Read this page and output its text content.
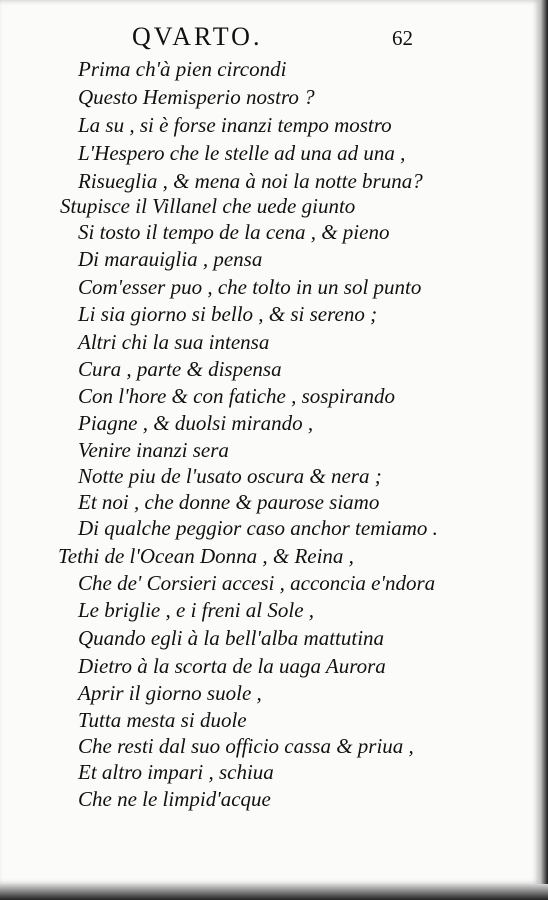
QVARTO.	62
Prima ch'à pien circondi
Questo Hemisperio nostro ?
La su , si è forse inanzi tempo mostro
L'Hespero che le stelle ad una ad una ,
Risueglia , & mena à noi la notte bruna?
Stupisce il Villanel che uede giunto
Si tosto il tempo de la cena , & pieno
Di marauiglia , pensa
Com'esser puo , che tolto in un sol punto
Li sia giorno si bello , & si sereno ;
Altri chi la sua intensa
Cura , parte & dispensa
Con l'hore & con fatiche , sospirando
Piagne , & duolsi mirando ,
Venire inanzi sera
Notte piu de l'usato oscura & nera ;
Et noi , che donne & paurose siamo
Di qualche peggior caso anchor temiamo .
Tethi de l'Ocean Donna , & Reina ,
Che de' Corsieri accesi , acconcia e'ndora
Le briglie , e i freni al Sole ,
Quando egli à la bell'alba mattutina
Dietro à la scorta de la uaga Aurora
Aprir il giorno suole ,
Tutta mesta si duole
Che resti dal suo officio cassa & priua ,
Et altro impari , schiua
Che ne le limpid'acque
